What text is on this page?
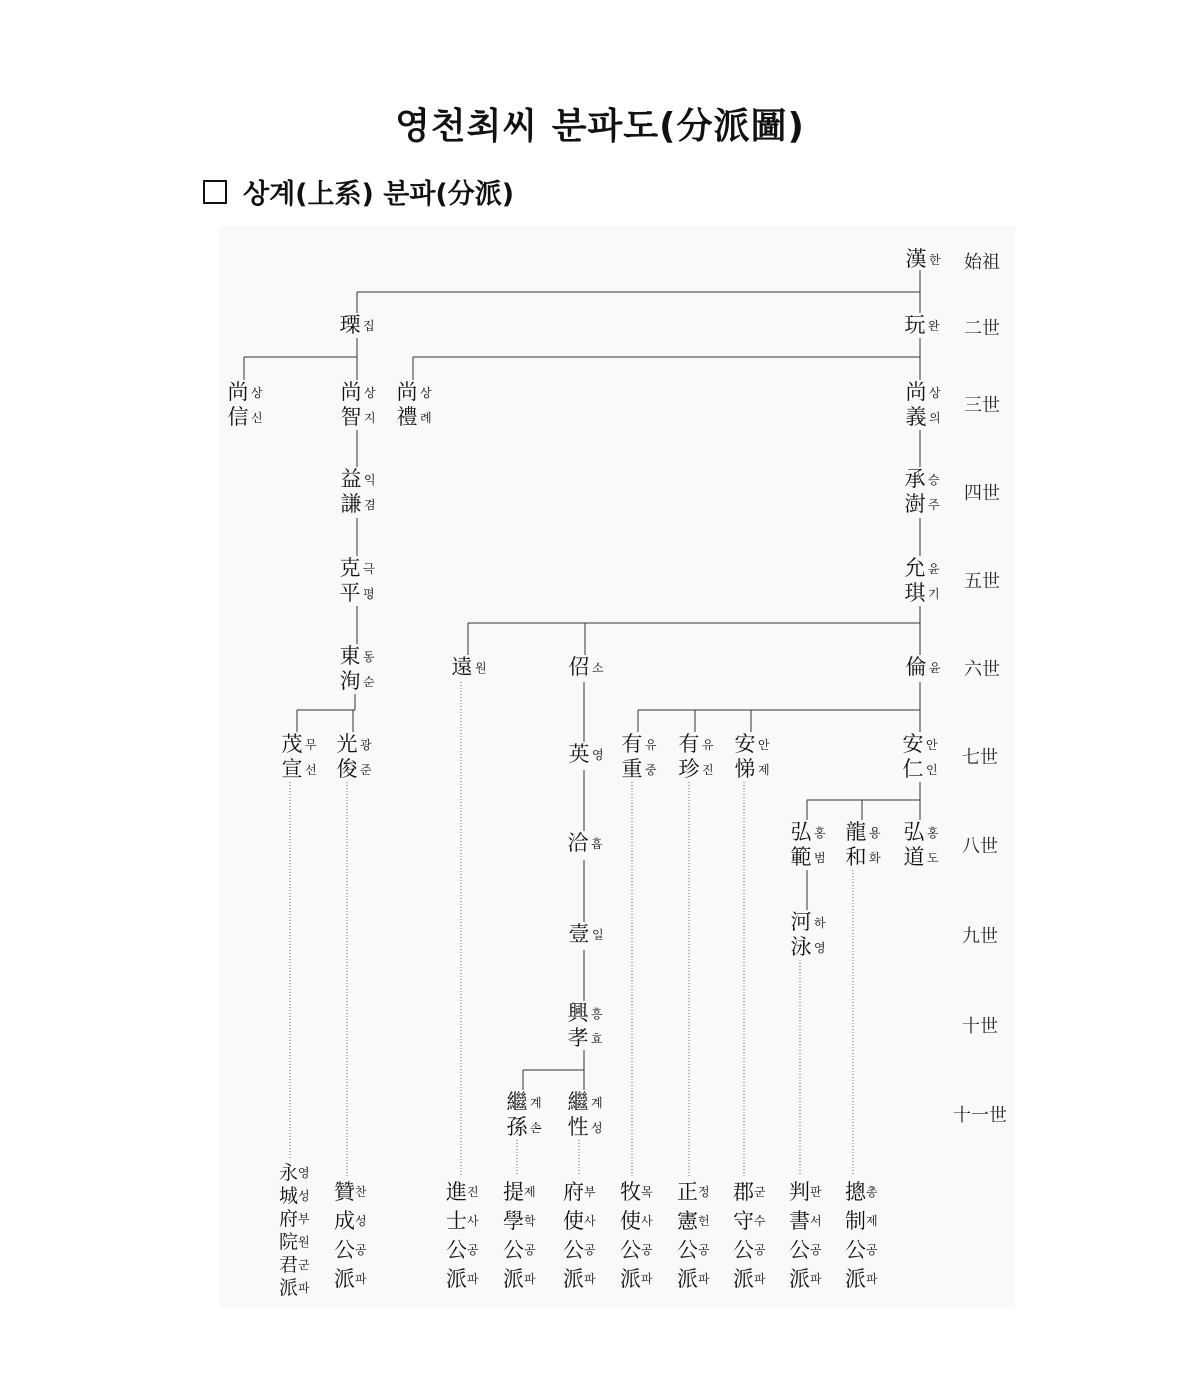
영천최씨 분파도(分派圖)
상계(上系) 분파(分派)
始祖
二世
三世
四世
五世
六世
七世
八世
九世
十世
十一世
漢 한
瑮 집	玩 완
尚 상
信 신
尚 상
智 지
尚 상
禮 례
尚 상
義 의
益 익
謙 겸
承 승
澍 주
克 극
平 평
允 윤
琪 기
東 동
洵 순
遠 원	佋 소	倫 윤
茂 무
宣 선
光 광
俊 준
英 영 有 유
重 중
有 유
珍 진
安 안
悌 제
安 안
仁 인
洽 흡	弘 홍
範 범
龍 용
和 화
弘 홍
道 도
壹 일
河 하
泳 영
興 흥
孝 효
繼 계
孫 손
繼 계
性 성
永
城
府
院
君
派
영
성
부
원
군
파
贊
成
公
派
찬
성
공
파
進
士
公
派
진
사
공
파
提
學
公
派
제
학
공
파
府
使
公
派
부
사
공
파
牧
使
公
派
목
사
공
파
正
憲
公
派
정
헌
공
파
郡
守
公
派
군
수
공
파
判
書
公
派
판
서
공
파
摠
制
公
派
총
제
공
파
